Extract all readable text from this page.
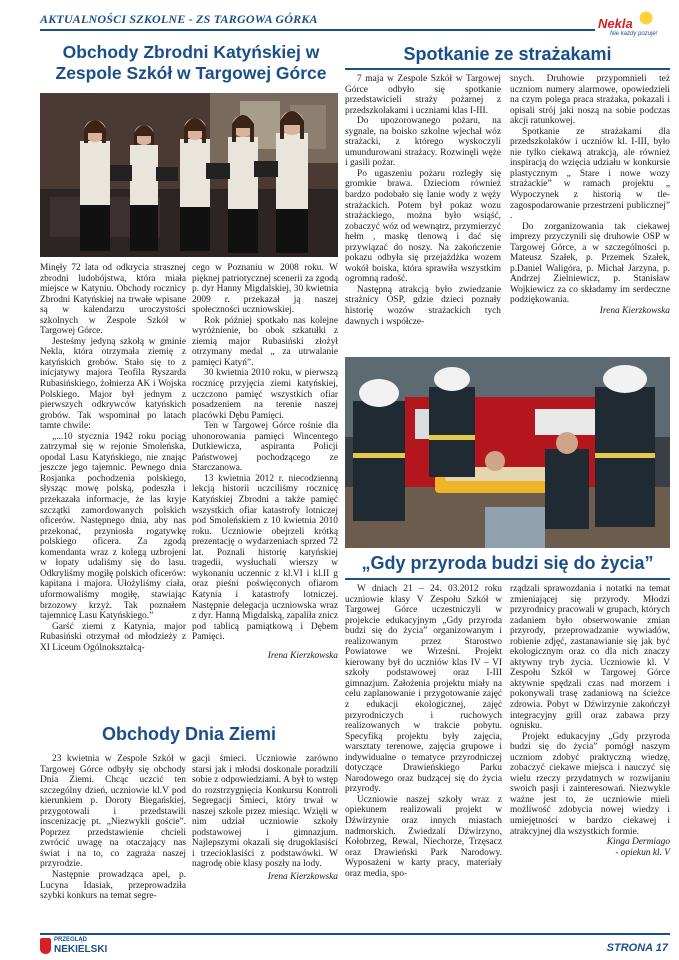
AKTUALNOŚCI SZKOLNE - ZS TARGOWA GÓRKA	Nekla
Nie każdy pozuje!
Obchody Zbrodni Katyńskiej w Zespole Szkół w Targowej Górce

Minęły 72 lata od odkrycia strasznej zbrodni ludobójstwa, która miała miejsce w Katyniu. Obchody rocznicy Zbrodni Katyńskiej na trwałe wpisane są w kalendarzu uroczystości szkolnych w Zespole Szkół w Targowej Górce.

Jesteśmy jedyną szkołą w gminie Nekla, która otrzymała ziemię z katyńskich grobów. Stało się to z inicjatywy majora Teofila Ryszarda Rubasińskiego, żołnierza AK i Wojska Polskiego. Major był jednym z pierwszych odkrywców katyńskich grobów. Tak wspominał po latach tamte chwile:

„...10 stycznia 1942 roku pociąg zatrzymał się w rejonie Smoleńska, opodal Lasu Katyńskiego, nie znając jeszcze jego tajemnic. Pewnego dnia Rosjanka pochodzenia polskiego, słysząc mowę polską, podeszła i przekazała informacje, że las kryje szczątki zamordowanych polskich oficerów. Następnego dnia, aby nas przekonać, przyniosła rogatywkę polskiego oficera. Za zgodą komendanta wraz z kolegą uzbrojeni w łopaty udaliśmy się do lasu. Odkryliśmy mogiłę polskich oficerów: kapitana i majora. Ułożyliśmy ciała, uformowaliśmy mogiłę, stawiając brzozowy krzyż. Tak poznałem tajemnicę Lasu Katyńskiego.”

Garść ziemi z Katynia, major Rubasiński otrzymał od młodzieży z XI Liceum Ogólnokształcą-

cego w Poznaniu w 2008 roku. W pięknej patriotycznej scenerii za zgodą p. dyr Hanny Migdalskiej, 30 kwietnia 2009 r. przekazał ją naszej społeczności uczniowskiej.

Rok później spotkało nas kolejne wyróżnienie, bo obok szkatułki z ziemią major Rubasiński złożył otrzymany medal „ za utrwalanie pamięci Katyń”.

30 kwietnia 2010 roku, w pierwszą rocznicę przyjęcia ziemi katyńskiej, uczczono pamięć wszystkich ofiar posadzeniem na terenie naszej placówki Dębu Pamięci.

Ten w Targowej Górce rośnie dla uhonorowania pamięci Wincentego Dutkiewicza, aspiranta Policji Państwowej pochodzącego ze Starczanowa.

13 kwietnia 2012 r. niecodzienną lekcją historii uczciliśmy rocznicę Katyńskiej Zbrodni a także pamięć wszystkich ofiar katastrofy lotniczej pod Smoleńskiem z 10 kwietnia 2010 roku. Uczniowie obejrzeli krótką prezentację o wydarzeniach sprzed 72 lat. Poznali historię katyńskiej tragedii, wysłuchali wierszy w wykonaniu uczennic z kl.VI i kl.II g oraz pieśni poświęconych ofiarom Katynia i katastrofy lotniczej. Następnie delegacja uczniowska wraz z dyr. Hanną Migdalską, zapaliła znicz pod tablicą pamiątkową i Dębem Pamięci.

Irena Kierzkowska

Spotkanie ze strażakami

7 maja w Zespole Szkół w Targowej Górce odbyło się spotkanie przedstawicieli straży pożarnej z przedszkolakami i uczniami klas I-III.

Do upozorowanego pożaru, na sygnale, na boisko szkolne wjechał wóz strażacki, z którego wyskoczyli umundurowani strażacy. Rozwinęli węże i gasili pożar.

Po ugaszeniu pożaru rozległy się gromkie brawa. Dzieciom również bardzo podobało się lanie wody z węży strażackich. Potem był pokaz wozu strażackiego, można było wsiąść, zobaczyć wóz od wewnątrz, przymierzyć hełm , maskę tlenową i dać się przywiązać do noszy. Na zakończenie pokazu odbyła się przejażdżka wozem wokół boiska, która sprawiła wszystkim ogromną radość.

Następną atrakcją było zwiedzanie strażnicy OSP, gdzie dzieci poznały historię wozów strażackich tych dawnych i współcze-

snych. Druhowie przypomnieli też uczniom numery alarmowe, opowiedzieli na czym polega praca strażaka, pokazali i opisali strój jaki noszą na sobie podczas akcji ratunkowej.

Spotkanie ze strażakami dla przedszkolaków i uczniów kl. I-III, było nie tylko ciekawą atrakcją, ale również inspiracją do wzięcia udziału w konkursie plastycznym „ Stare i nowe wozy strażackie” w ramach projektu „ Wypoczynek z historią w tle-zagospodarowanie przestrzeni publicznej” .

Do zorganizowania tak ciekawej imprezy przyczynili się druhowie OSP w Targowej Górce, a w szczególności p. Mateusz Szałek, p. Przemek Szałek, p.Daniel Waligóra, p. Michał Jarzyna, p. Andrzej Zielniewicz, p. Stanisław Wojkiewicz za co składamy im serdeczne podziękowania.

Irena Kierzkowska

„Gdy przyroda budzi się do życia”

W dniach 21 – 24. 03.2012 roku uczniowie klasy V Zespołu Szkół w Targowej Górce uczestniczyli w projekcie edukacyjnym „Gdy przyroda budzi się do życia” organizowanym i realizowanym przez Starostwo Powiatowe we Wrześni. Projekt kierowany był do uczniów klas IV – VI szkoły podstawowej oraz I-III gimnazjum. Założenia projektu miały na celu zaplanowanie i przygotowanie zajęć z edukacji ekologicznej, zajęć przyrodniczych i ruchowych realizowanych w trakcie pobytu. Specyfiką projektu były zajęcia, warsztaty terenowe, zajęcia grupowe i indywidualne o tematyce przyrodniczej dotyczące Drawieńskiego Parku Narodowego oraz budzącej się do życia przyrody.

Uczniowie naszej szkoły wraz z opiekunem realizowali projekt w Dźwirzynie oraz innych miastach nadmorskich. Zwiedzali Dźwirzyno, Kołobrzeg, Rewal, Niechorze, Trzęsacz oraz Drawieński Park Narodowy. Wyposażeni w karty pracy, materiały oraz media, spo-

rządzali sprawozdania i notatki na temat zmieniającej się przyrody. Młodzi przyrodnicy pracowali w grupach, których zadaniem było obserwowanie zmian przyrody, przeprowadzanie wywiadów, robienie zdjęć, zastanawianie się jak być ekologicznym oraz co dla nich znaczy aktywny tryb życia. Uczniowie kl. V Zespołu Szkół w Targowej Górce aktywnie spędzali czas nad morzem i pokonywali trasę zadaniową na ścieżce zdrowia. Pobyt w Dźwirzynie zakończył integracyjny grill oraz zabawa przy ognisku.

Projekt edukacyjny „Gdy przyroda budzi się do życia” pomógł naszym uczniom zdobyć praktyczną wiedzę, zobaczyć ciekawe miejsca i nauczyć się wielu rzeczy przydatnych w rozwijaniu swoich pasji i zainteresowań. Niezwykle ważne jest to, że uczniowie mieli możliwość zdobycia nowej wiedzy i umiejętności w bardzo ciekawej i atrakcyjnej dla wszystkich formie.

Kinga Dermiago

- opiekun kl. V

Obchody Dnia Ziemi

23 kwietnia w Zespole Szkół w Targowej Górce odbyły się obchody Dnia Ziemi. Chcąc uczcić ten szczególny dzień, uczniowie kl.V pod kierunkiem p. Doroty Biegańskiej, przygotowali i przedstawili inscenizację pt. „Niezwykli goście”. Poprzez przedstawienie chcieli zwrócić uwagę na otaczający nas świat i na to, co zagraża naszej przyrodzie.

Następnie prowadząca apel, p. Lucyna Idasiak, przeprowadziła szybki konkurs na temat segre-

gacji śmieci. Uczniowie zarówno starsi jak i młodsi doskonale poradzili sobie z odpowiedziami. A był to wstęp do rozstrzygnięcia Konkursu Kontroli Segregacji Śmieci, który trwał w naszej szkole przez miesiąc. Wzięli w nim udział uczniowie szkoły podstawowej i gimnazjum. Najlepszymi okazali się drugoklasiści i trzecioklasiści z podstawówki. W nagrodę obie klasy poszły na lody.

Irena Kierzkowska

PRZEGLĄD
NEKIELSKI	STRONA 17
